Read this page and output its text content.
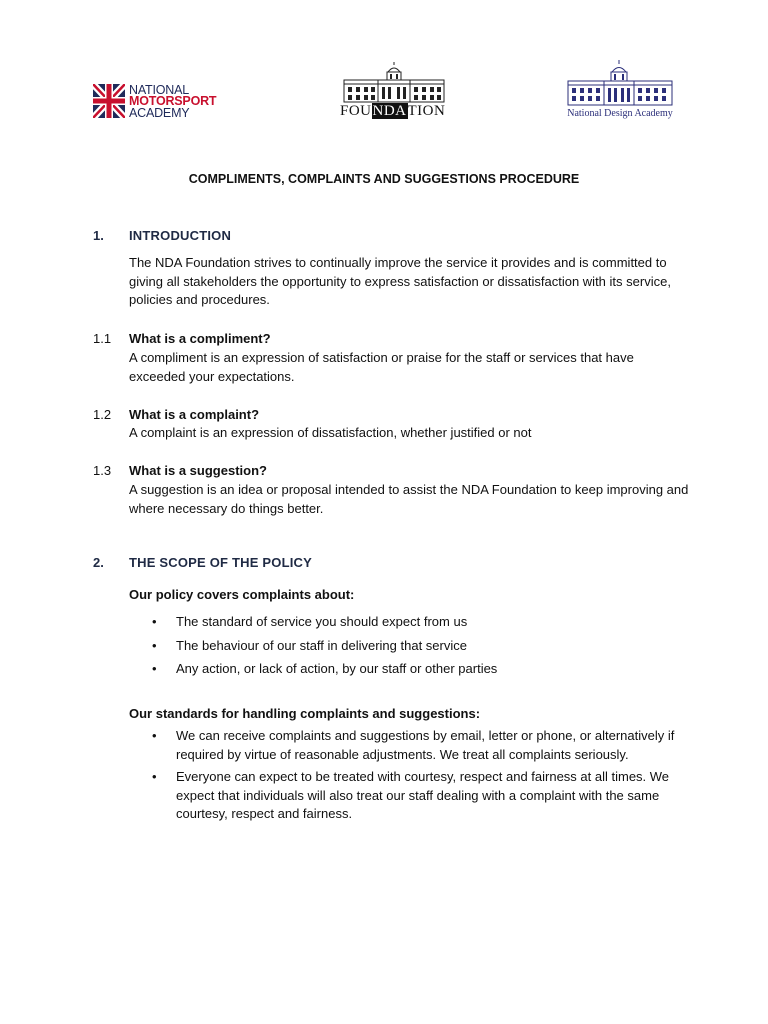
NATIONAL
MOTORSPORT
ACADEMY	FOUNDATION	National Design Academy
COMPLIMENTS, COMPLAINTS AND SUGGESTIONS PROCEDURE
1. INTRODUCTION
The NDA Foundation strives to continually improve the service it provides and is committed to giving all stakeholders the opportunity to express satisfaction or dissatisfaction with its service, policies and procedures.
1.1 What is a compliment?
A compliment is an expression of satisfaction or praise for the staff or services that have exceeded your expectations.
1.2 What is a complaint?
A complaint is an expression of dissatisfaction, whether justified or not
1.3 What is a suggestion?
A suggestion is an idea or proposal intended to assist the NDA Foundation to keep improving and where necessary do things better.
2. THE SCOPE OF THE POLICY
Our policy covers complaints about:
• The standard of service you should expect from us
• The behaviour of our staff in delivering that service
• Any action, or lack of action, by our staff or other parties
Our standards for handling complaints and suggestions:
• We can receive complaints and suggestions by email, letter or phone, or alternatively if required by virtue of reasonable adjustments. We treat all complaints seriously.
• Everyone can expect to be treated with courtesy, respect and fairness at all times. We expect that individuals will also treat our staff dealing with a complaint with the same courtesy, respect and fairness.
